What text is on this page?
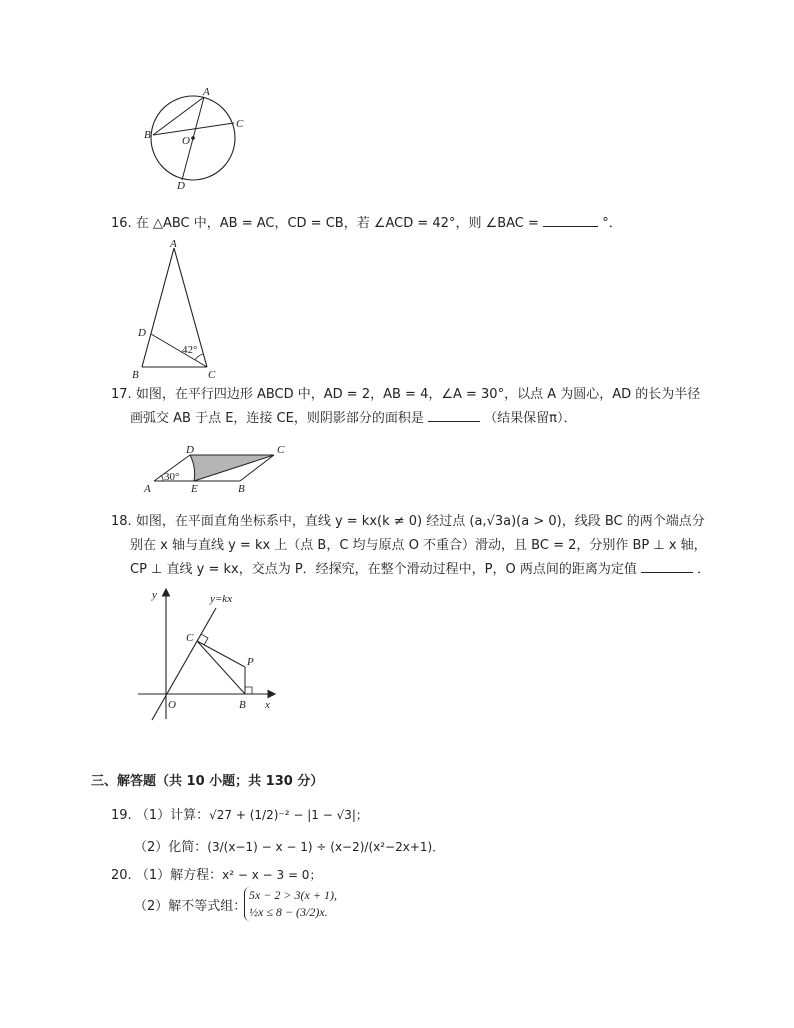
A
B
C
O
D
16. 在 △ABC 中，AB = AC，CD = CB，若 ∠ACD = 42°，则 ∠BAC =	°．
A
D
42°
B	C
17. 如图，在平行四边形 ABCD 中，AD = 2，AB = 4，∠A = 30°，以点 A 为圆心，AD 的长为半径
画弧交 AB 于点 E，连接 CE，则阴影部分的面积是	（结果保留π）．
D	C
30°
A	E	B
18. 如图，在平面直角坐标系中，直线 y = kx(k ≠ 0) 经过点 (a,√3a)(a > 0)，线段 BC 的两个端点分
别在 x 轴与直线 y = kx 上（点 B，C 均与原点 O 不重合）滑动，且 BC = 2，分别作 BP ⊥ x 轴，
CP ⊥ 直线 y = kx，交点为 P．经探究，在整个滑动过程中，P，O 两点间的距离为定值	．
y	y=kx
C
P
O	B x
三、解答题（共 10 小题；共 130 分）
19. （1）计算：√27 + (1/2)⁻² − |1 − √3|；
（2）化简：(3/(x−1) − x − 1) ÷ (x−2)/(x²−2x+1)．
20. （1）解方程：x² − x − 3 = 0；
（2）解不等式组：
5x − 2 > 3(x + 1),
½x ≤ 8 − (3/2)x.
